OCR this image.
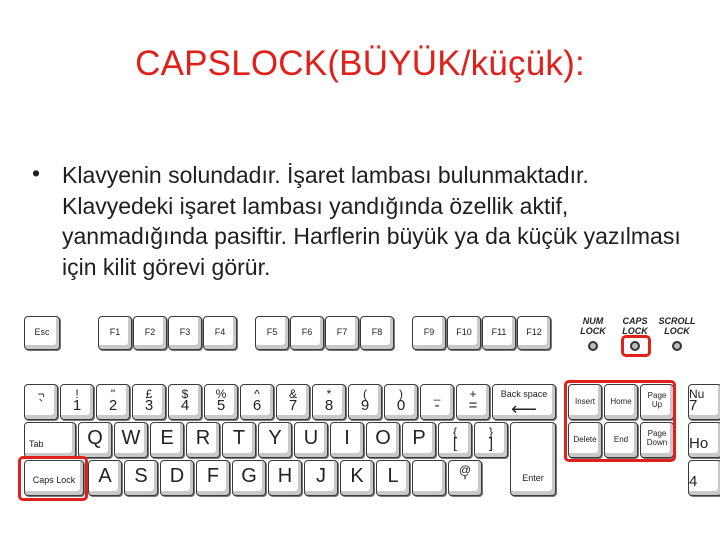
CAPSLOCK(BÜYÜK/küçük):
• Klavyenin solundadır. İşaret lambası bulunmaktadır. Klavyedeki işaret lambası yandığında özellik aktif, yanmadığında pasiftir. Harflerin büyük ya da küçük yazılması için kilit görevi görür.
Esc	F1	F2	F3	F4	F5	F6	F7	F8	F9	F10	F11	F12
NUM
LOCK
CAPS
LOCK
SCROLL
LOCK
¬
`
!
1
"
2
£
3
$
4
%
5
^
6
&
7
*
8
(
9
)
0
_
-
+
=
Back space
⟵
Tab	Q W E	R	T	Y	U	I	O	P	{
[
}
]
Enter
Caps Lock	A	S	D	F	G	H	J	K	L	@
'
Insert	Home
Page
Up
Delete	End
Page
Down
Nu
7
Ho
4
